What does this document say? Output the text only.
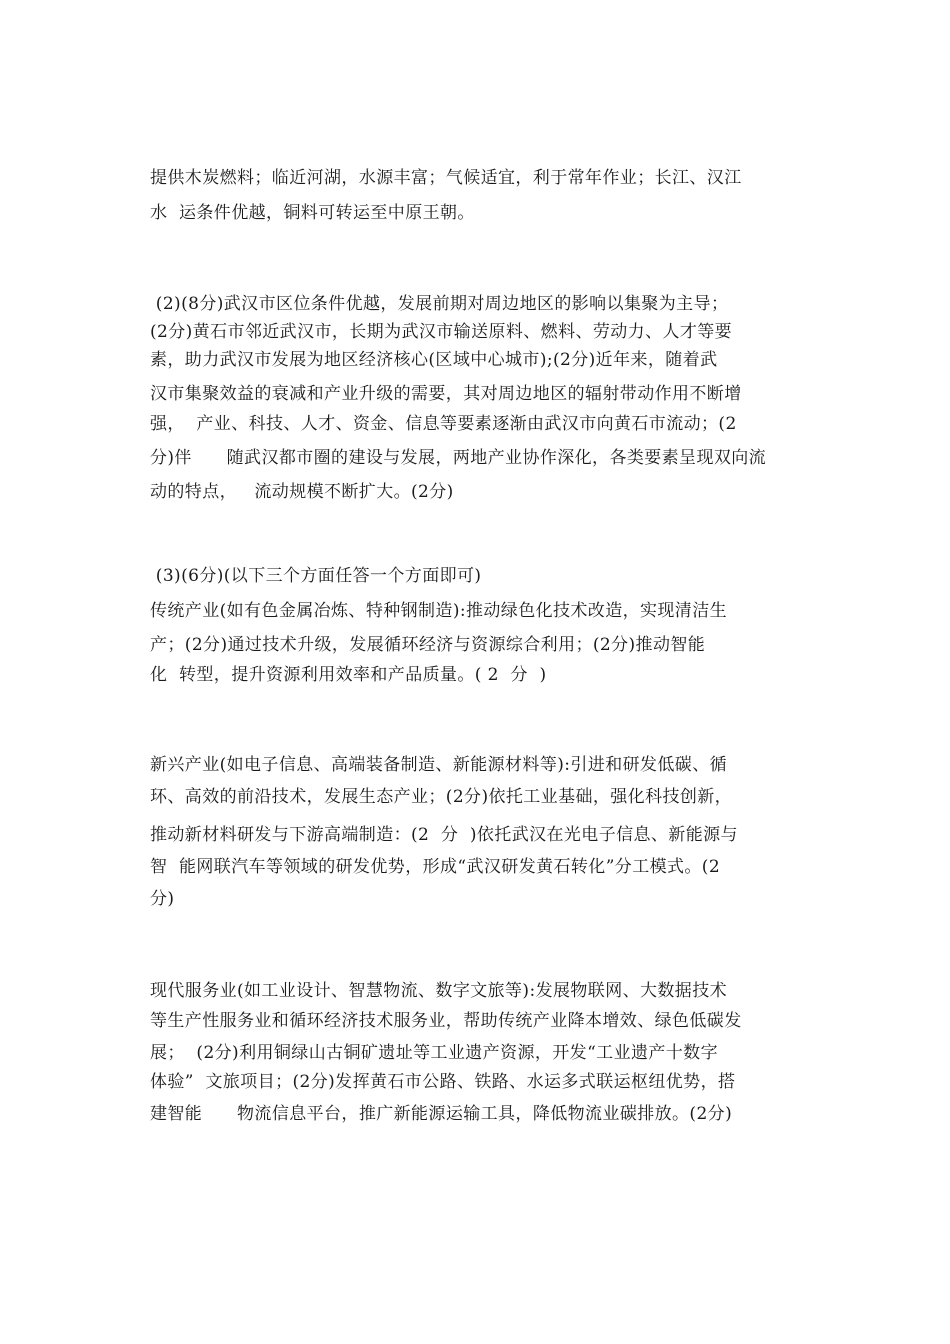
提供木炭燃料；临近河湖，水源丰富；气候适宜，利于常年作业；长江、汉江
水  运条件优越，铜料可转运至中原王朝。
(2)(8分)武汉市区位条件优越，发展前期对周边地区的影响以集聚为主导；
(2分)黄石市邻近武汉市，长期为武汉市输送原料、燃料、劳动力、人才等要
素，助力武汉市发展为地区经济核心(区域中心城市);(2分)近年来，随着武
汉市集聚效益的衰减和产业升级的需要，其对周边地区的辐射带动作用不断增
强，  产业、科技、人才、资金、信息等要素逐渐由武汉市向黄石市流动；(2
分)伴      随武汉都市圈的建设与发展，两地产业协作深化，各类要素呈现双向流
动的特点，   流动规模不断扩大。(2分)
(3)(6分)(以下三个方面任答一个方面即可)
传统产业(如有色金属冶炼、特种钢制造):推动绿色化技术改造，实现清洁生
产；(2分)通过技术升级，发展循环经济与资源综合利用；(2分)推动智能
化  转型，提升资源利用效率和产品质量。( 2  分  )
新兴产业(如电子信息、高端装备制造、新能源材料等):引进和研发低碳、循
环、高效的前沿技术，发展生态产业；(2分)依托工业基础，强化科技创新，
推动新材料研发与下游高端制造：(2  分  )依托武汉在光电子信息、新能源与
智  能网联汽车等领域的研发优势，形成“武汉研发黄石转化”分工模式。(2
分)
现代服务业(如工业设计、智慧物流、数字文旅等):发展物联网、大数据技术
等生产性服务业和循环经济技术服务业，帮助传统产业降本增效、绿色低碳发
展；  (2分)利用铜绿山古铜矿遗址等工业遗产资源，开发“工业遗产十数字
体验”  文旅项目；(2分)发挥黄石市公路、铁路、水运多式联运枢纽优势，搭
建智能      物流信息平台，推广新能源运输工具，降低物流业碳排放。(2分)
